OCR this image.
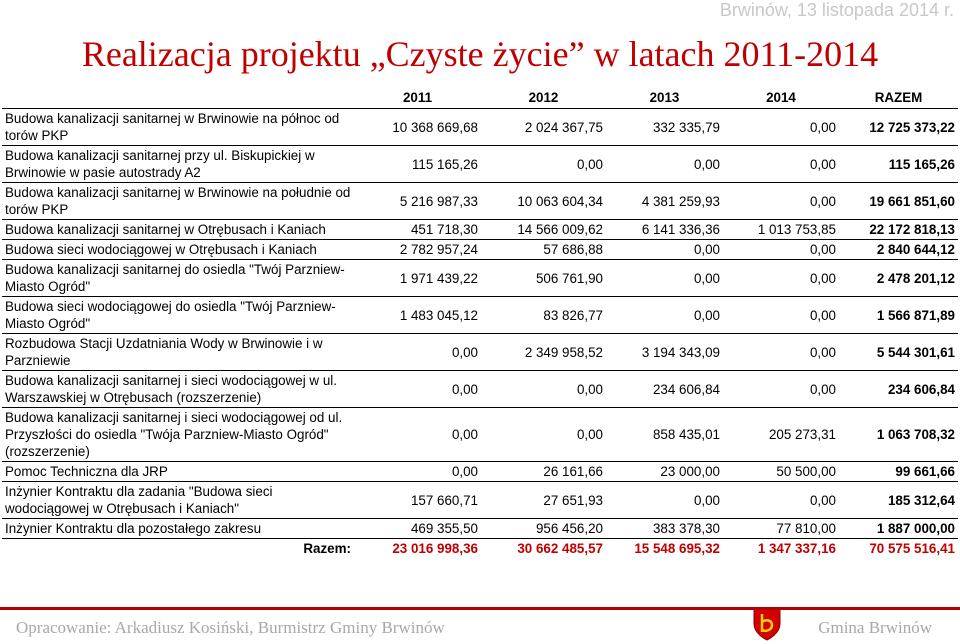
Brwinów, 13 listopada 2014 r.
Realizacja projektu „Czyste życie” w latach 2011-2014
	2011	2012	2013	2014	RAZEM
Budowa kanalizacji sanitarnej w Brwinowie na północ od torów PKP	10 368 669,68	2 024 367,75	332 335,79	0,00	12 725 373,22
Budowa kanalizacji sanitarnej przy ul. Biskupickiej w Brwinowie w pasie autostrady A2	115 165,26	0,00	0,00	0,00	115 165,26
Budowa kanalizacji sanitarnej w Brwinowie na południe od torów PKP	5 216 987,33	10 063 604,34	4 381 259,93	0,00	19 661 851,60
Budowa kanalizacji sanitarnej w Otrębusach i Kaniach	451 718,30	14 566 009,62	6 141 336,36	1 013 753,85	22 172 818,13
Budowa sieci wodociągowej w Otrębusach i Kaniach	2 782 957,24	57 686,88	0,00	0,00	2 840 644,12
Budowa kanalizacji sanitarnej do osiedla "Twój Parzniew-Miasto Ogród"	1 971 439,22	506 761,90	0,00	0,00	2 478 201,12
Budowa sieci wodociągowej do osiedla "Twój Parzniew-Miasto Ogród"	1 483 045,12	83 826,77	0,00	0,00	1 566 871,89
Rozbudowa Stacji Uzdatniania Wody w Brwinowie i w Parzniewie	0,00	2 349 958,52	3 194 343,09	0,00	5 544 301,61
Budowa kanalizacji sanitarnej i sieci wodociągowej w ul. Warszawskiej w Otrębusach (rozszerzenie)	0,00	0,00	234 606,84	0,00	234 606,84
Budowa kanalizacji sanitarnej i sieci wodociągowej od ul. Przyszłości do osiedla "Twója Parzniew-Miasto Ogród" (rozszerzenie)	0,00	0,00	858 435,01	205 273,31	1 063 708,32
Pomoc Techniczna dla JRP	0,00	26 161,66	23 000,00	50 500,00	99 661,66
Inżynier Kontraktu dla zadania "Budowa sieci wodociągowej w Otrębusach i Kaniach"	157 660,71	27 651,93	0,00	0,00	185 312,64
Inżynier Kontraktu dla pozostałego zakresu	469 355,50	956 456,20	383 378,30	77 810,00	1 887 000,00
Razem:	23 016 998,36	30 662 485,57	15 548 695,32	1 347 337,16	70 575 516,41
Opracowanie: Arkadiusz Kosiński, Burmistrz Gminy Brwinów	Gmina Brwinów
